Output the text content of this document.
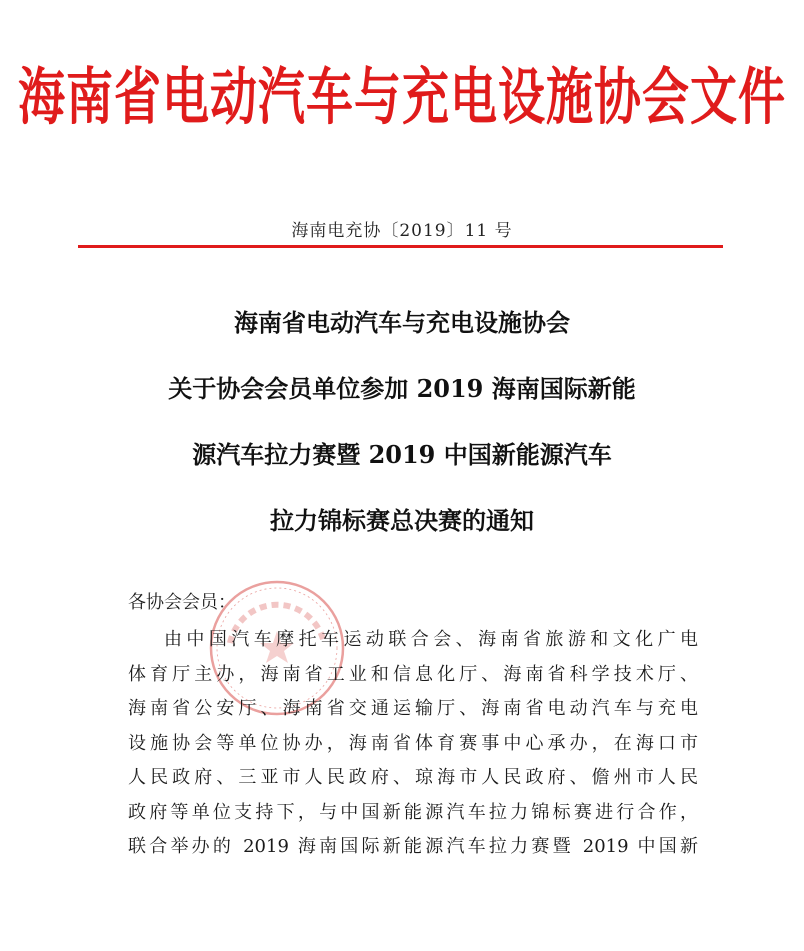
海南省电动汽车与充电设施协会文件
海南电充协〔2019〕11 号
海南省电动汽车与充电设施协会
关于协会会员单位参加 2019 海南国际新能
源汽车拉力赛暨 2019 中国新能源汽车
拉力锦标赛总决赛的通知
各协会会员：
由中国汽车摩托车运动联合会、海南省旅游和文化广电
体育厅主办，海南省工业和信息化厅、海南省科学技术厅、
海南省公安厅、海南省交通运输厅、海南省电动汽车与充电
设施协会等单位协办，海南省体育赛事中心承办，在海口市
人民政府、三亚市人民政府、琼海市人民政府、儋州市人民
政府等单位支持下，与中国新能源汽车拉力锦标赛进行合作，
联合举办的 2019 海南国际新能源汽车拉力赛暨 2019 中国新
